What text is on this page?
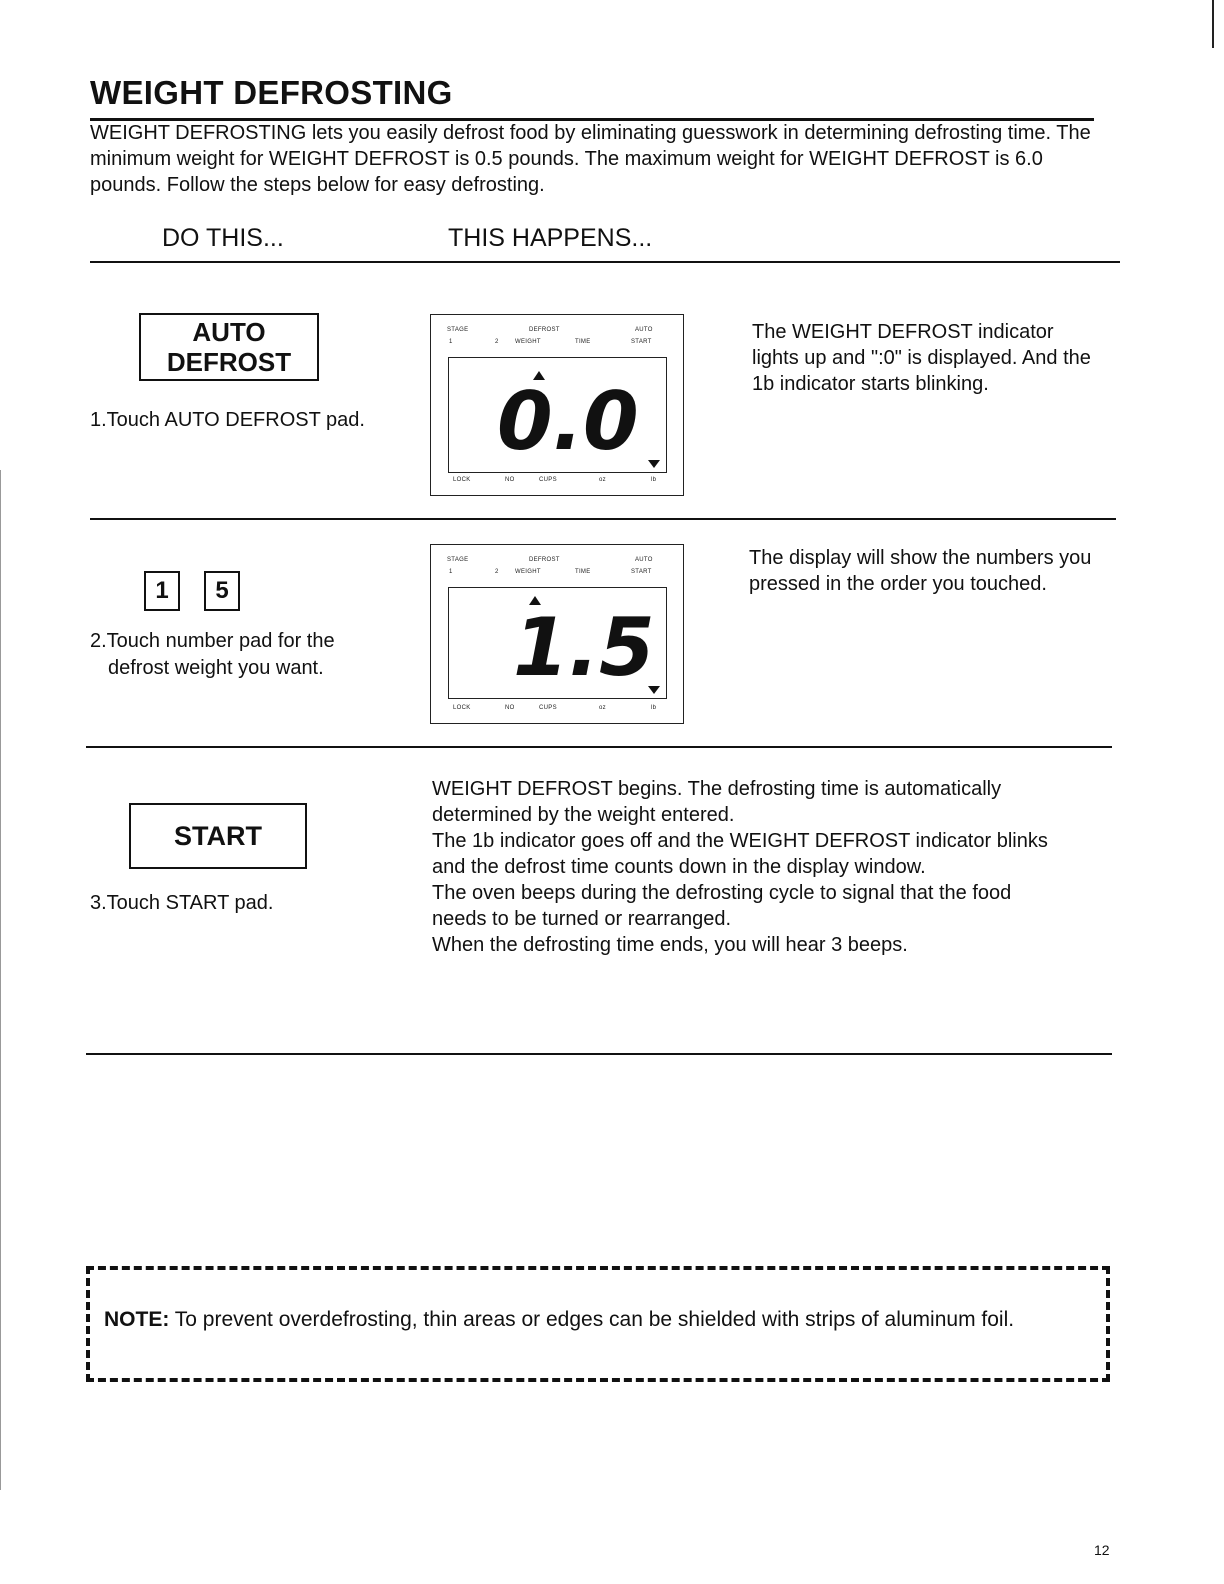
WEIGHT DEFROSTING
WEIGHT DEFROSTING lets you easily defrost food by eliminating guesswork in determining defrosting time. The minimum weight for WEIGHT DEFROST is 0.5 pounds. The maximum weight for WEIGHT DEFROST is 6.0 pounds. Follow the steps below for easy defrosting.
DO THIS...	THIS HAPPENS...
AUTO
DEFROST
1.Touch AUTO DEFROST pad.
STAGE
1	2
DEFROST
WEIGHT	TIME
AUTO
START
0.0
LOCK	NO	CUPS	oz	lb
The WEIGHT DEFROST indicator lights up and ":0" is displayed. And the 1b indicator starts blinking.
1	5
2.Touch number pad for the
defrost weight you want.
STAGE
1	2
DEFROST
WEIGHT	TIME
AUTO
START
1.5
LOCK	NO	CUPS	oz	lb
The display will show the numbers you pressed in the order you touched.
START
3.Touch START pad.
WEIGHT DEFROST begins. The defrosting time is automatically
determined by the weight entered.
The 1b indicator goes off and the WEIGHT DEFROST indicator blinks
and the defrost time counts down in the display window.
The oven beeps during the defrosting cycle to signal that the food
needs to be turned or rearranged.
When the defrosting time ends, you will hear 3 beeps.
NOTE: To prevent overdefrosting, thin areas or edges can be shielded with strips of aluminum foil.
12
